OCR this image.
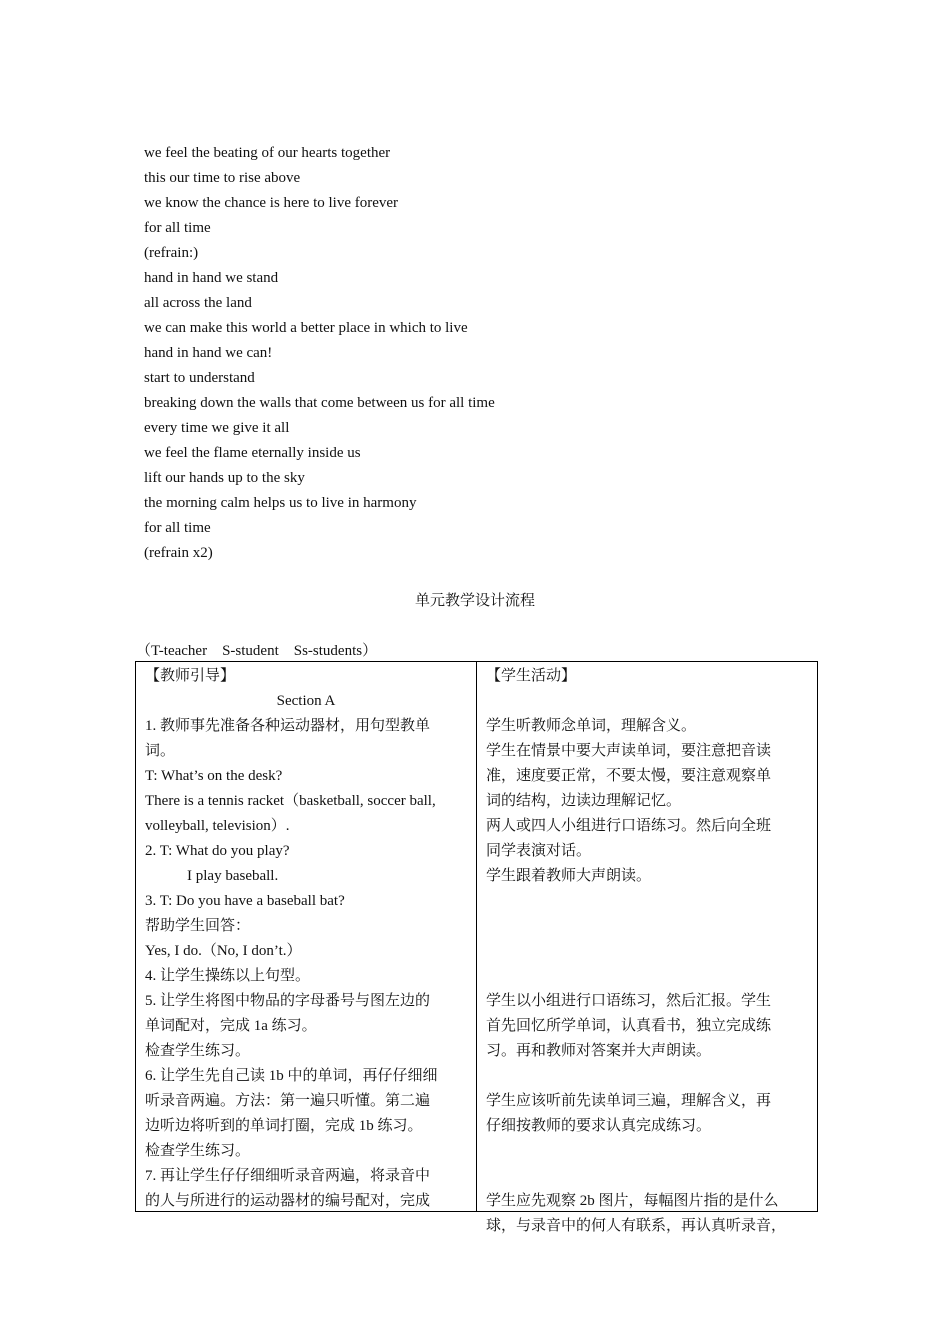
we feel the beating of our hearts together
this our time to rise above
we know the chance is here to live forever
for all time
(refrain:)
hand in hand we stand
all across the land
we can make this world a better place in which to live
hand in hand we can!
start to understand
breaking down the walls that come between us for all time
every time we give it all
we feel the flame eternally inside us
lift our hands up to the sky
the morning calm helps us to live in harmony
for all time
(refrain x2)
单元教学设计流程
（T-teacher    S-student    Ss-students）
【教师引导】
Section A
1. 教师事先准备各种运动器材，用句型教单
词。
T: What’s on the desk?
There is a tennis racket（basketball, soccer ball,
volleyball, television）.
2. T: What do you play?
I play baseball.
3. T: Do you have a baseball bat?
帮助学生回答：
Yes, I do.（No, I don’t.）
4. 让学生操练以上句型。
5. 让学生将图中物品的字母番号与图左边的
单词配对，完成 1a 练习。
检查学生练习。
6. 让学生先自己读 1b 中的单词，再仔仔细细
听录音两遍。方法：第一遍只听懂。第二遍
边听边将听到的单词打圈，完成 1b 练习。
检查学生练习。
7. 再让学生仔仔细细听录音两遍，将录音中
的人与所进行的运动器材的编号配对，完成
【学生活动】
学生听教师念单词，理解含义。
学生在情景中要大声读单词，要注意把音读
准，速度要正常，不要太慢，要注意观察单
词的结构，边读边理解记忆。
两人或四人小组进行口语练习。然后向全班
同学表演对话。
学生跟着教师大声朗读。
学生以小组进行口语练习，然后汇报。学生
首先回忆所学单词，认真看书，独立完成练
习。再和教师对答案并大声朗读。
学生应该听前先读单词三遍，理解含义，再
仔细按教师的要求认真完成练习。
学生应先观察 2b 图片，每幅图片指的是什么
球，与录音中的何人有联系，再认真听录音，
